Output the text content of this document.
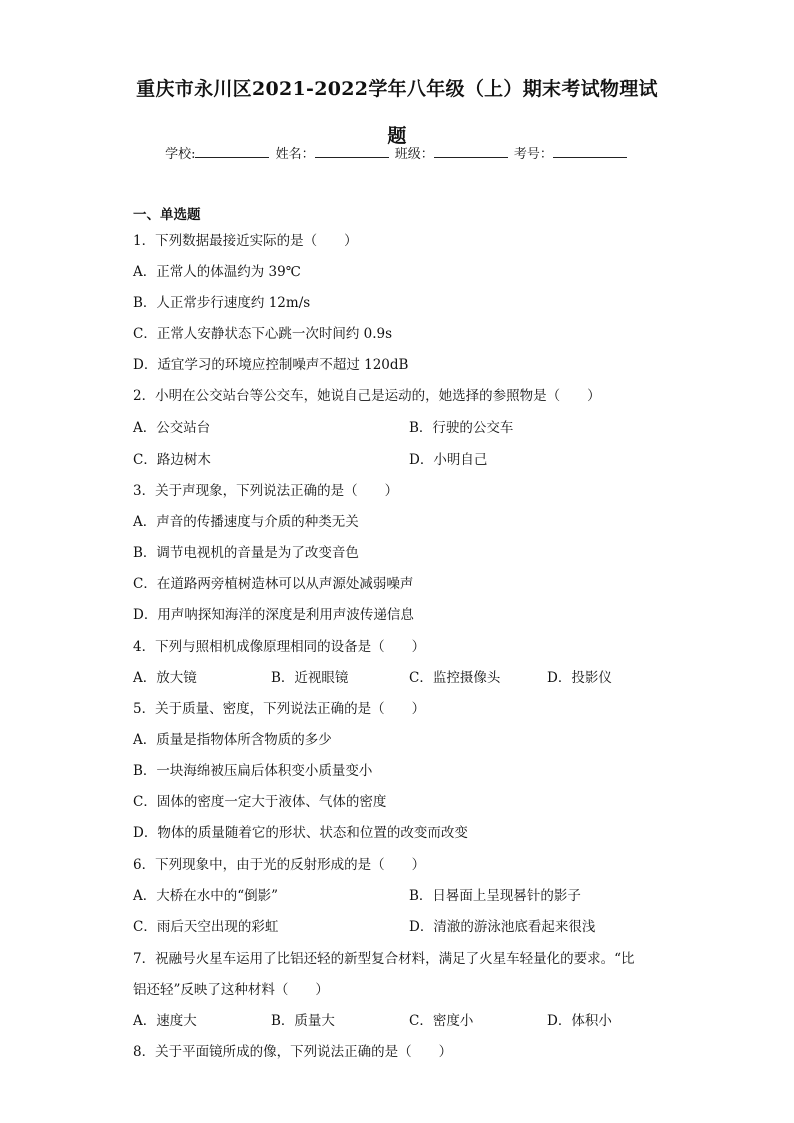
重庆市永川区2021-2022学年八年级（上）期末考试物理试
题
学校:	姓名：	班级：	考号：
一、单选题
1．下列数据最接近实际的是（　　）
A．正常人的体温约为 39℃
B．人正常步行速度约 12m/s
C．正常人安静状态下心跳一次时间约 0.9s
D．适宜学习的环境应控制噪声不超过 120dB
2．小明在公交站台等公交车，她说自己是运动的，她选择的参照物是（　　）
A．公交站台	B．行驶的公交车
C．路边树木	D．小明自己
3．关于声现象，下列说法正确的是（　　）
A．声音的传播速度与介质的种类无关
B．调节电视机的音量是为了改变音色
C．在道路两旁植树造林可以从声源处减弱噪声
D．用声呐探知海洋的深度是利用声波传递信息
4．下列与照相机成像原理相同的设备是（　　）
A．放大镜	B．近视眼镜	C．监控摄像头	D．投影仪
5．关于质量、密度，下列说法正确的是（　　）
A．质量是指物体所含物质的多少
B．一块海绵被压扁后体积变小质量变小
C．固体的密度一定大于液体、气体的密度
D．物体的质量随着它的形状、状态和位置的改变而改变
6．下列现象中，由于光的反射形成的是（　　）
A．大桥在水中的“倒影”	B．日晷面上呈现晷针的影子
C．雨后天空出现的彩虹	D．清澈的游泳池底看起来很浅
7．祝融号火星车运用了比铝还轻的新型复合材料，满足了火星车轻量化的要求。“比
铝还轻”反映了这种材料（　　）
A．速度大	B．质量大	C．密度小	D．体积小
8．关于平面镜所成的像，下列说法正确的是（　　）
